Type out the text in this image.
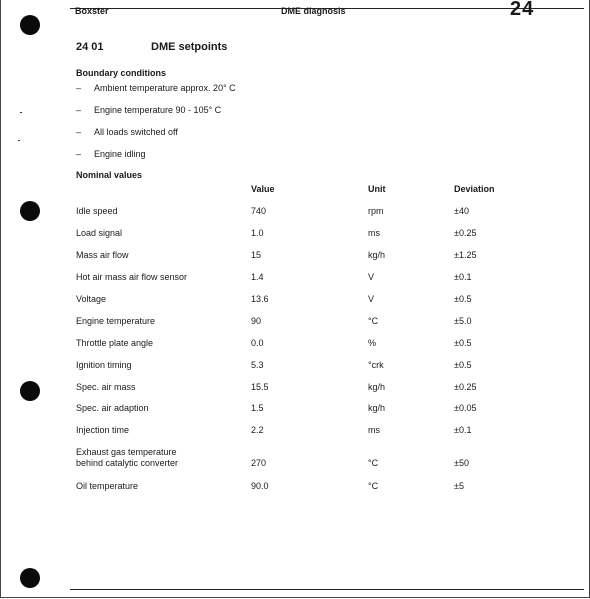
Boxster	DME diagnosis	24
24 01	DME setpoints
Boundary conditions
– Ambient temperature approx. 20° C
– Engine temperature 90 - 105° C
– All loads switched off
– Engine idling
Nominal values
Value	Unit	Deviation
Idle speed	740	rpm	±40
Load signal	1.0	ms	±0.25
Mass air flow	15	kg/h	±1.25
Hot air mass air flow sensor	1.4	V	±0.1
Voltage	13.6	V	±0.5
Engine temperature	90	°C	±5.0
Throttle plate angle	0.0	%	±0.5
Ignition timing	5.3	°crk	±0.5
Spec. air mass	15.5	kg/h	±0.25
Spec. air adaption	1.5	kg/h	±0.05
Injection time	2.2	ms	±0.1
Exhaust gas temperature
behind catalytic converter	270	°C	±50
Oil temperature	90.0	°C	±5
